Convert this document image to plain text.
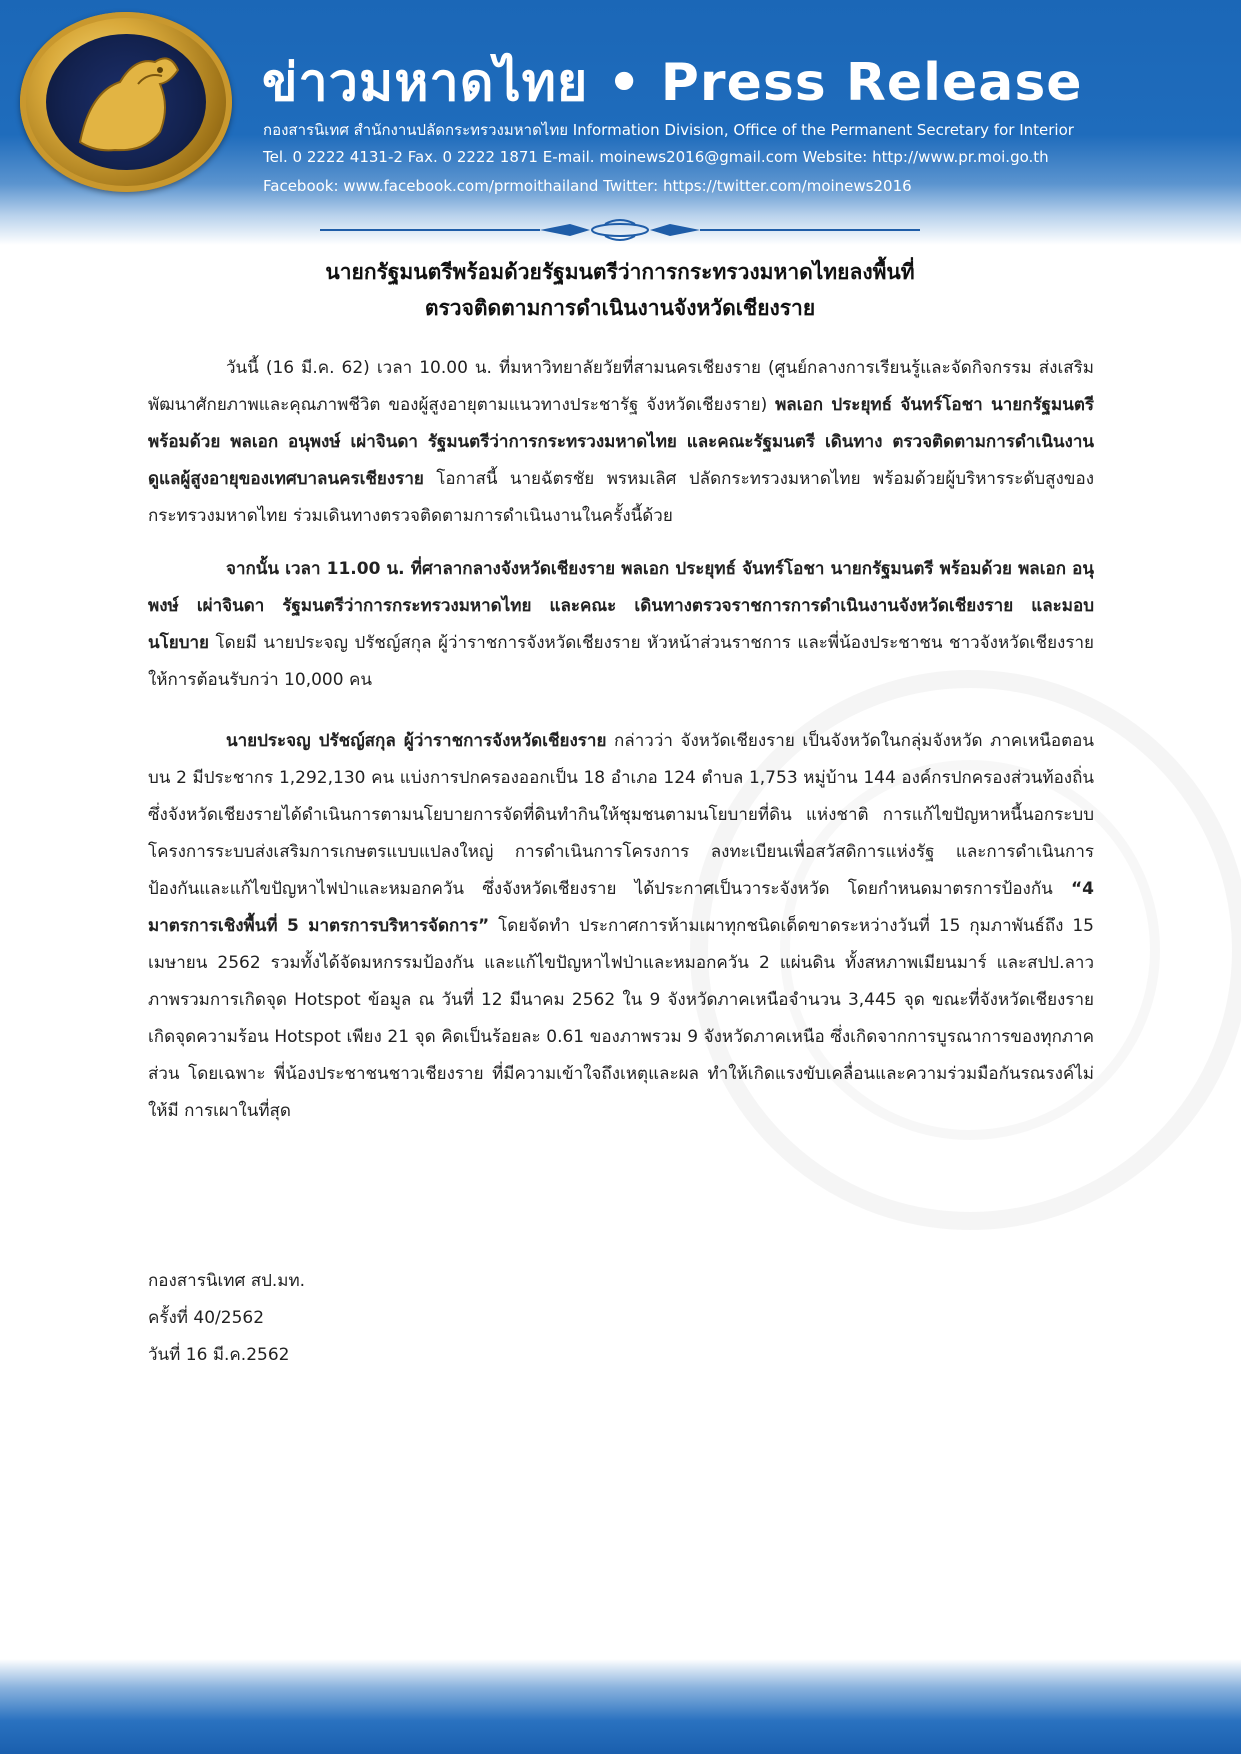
ข่าวมหาดไทย • Press Release
กองสารนิเทศ สำนักงานปลัดกระทรวงมหาดไทย Information Division, Office of the Permanent Secretary for Interior
Tel. 0 2222 4131-2 Fax. 0 2222 1871 E-mail. moinews2016@gmail.com Website: http://www.pr.moi.go.th
Facebook: www.facebook.com/prmoithailand Twitter: https://twitter.com/moinews2016
นายกรัฐมนตรีพร้อมด้วยรัฐมนตรีว่าการกระทรวงมหาดไทยลงพื้นที่
ตรวจติดตามการดำเนินงานจังหวัดเชียงราย
วันนี้ (16 มี.ค. 62) เวลา 10.00 น. ที่มหาวิทยาลัยวัยที่สามนครเชียงราย (ศูนย์กลางการเรียนรู้และจัดกิจกรรม ส่งเสริมพัฒนาศักยภาพและคุณภาพชีวิต ของผู้สูงอายุตามแนวทางประชารัฐ จังหวัดเชียงราย) พลเอก ประยุทธ์ จันทร์โอชา นายกรัฐมนตรี พร้อมด้วย พลเอก อนุพงษ์ เผ่าจินดา รัฐมนตรีว่าการกระทรวงมหาดไทย และคณะรัฐมนตรี เดินทาง ตรวจติดตามการดำเนินงานดูแลผู้สูงอายุของเทศบาลนครเชียงราย โอกาสนี้ นายฉัตรชัย พรหมเลิศ ปลัดกระทรวงมหาดไทย พร้อมด้วยผู้บริหารระดับสูงของกระทรวงมหาดไทย ร่วมเดินทางตรวจติดตามการดำเนินงานในครั้งนี้ด้วย
จากนั้น เวลา 11.00 น. ที่ศาลากลางจังหวัดเชียงราย พลเอก ประยุทธ์ จันทร์โอชา นายกรัฐมนตรี พร้อมด้วย พลเอก อนุพงษ์ เผ่าจินดา รัฐมนตรีว่าการกระทรวงมหาดไทย และคณะ เดินทางตรวจราชการการดำเนินงานจังหวัดเชียงราย และมอบนโยบาย โดยมี นายประจญ ปรัชญ์สกุล ผู้ว่าราชการจังหวัดเชียงราย หัวหน้าส่วนราชการ และพี่น้องประชาชน ชาวจังหวัดเชียงราย ให้การต้อนรับกว่า 10,000 คน
นายประจญ ปรัชญ์สกุล ผู้ว่าราชการจังหวัดเชียงราย กล่าวว่า จังหวัดเชียงราย เป็นจังหวัดในกลุ่มจังหวัด ภาคเหนือตอนบน 2 มีประชากร 1,292,130 คน แบ่งการปกครองออกเป็น 18 อำเภอ 124 ตำบล 1,753 หมู่บ้าน 144 องค์กรปกครองส่วนท้องถิ่น ซึ่งจังหวัดเชียงรายได้ดำเนินการตามนโยบายการจัดที่ดินทำกินให้ชุมชนตามนโยบายที่ดิน แห่งชาติ การแก้ไขปัญหาหนี้นอกระบบ โครงการระบบส่งเสริมการเกษตรแบบแปลงใหญ่ การดำเนินการโครงการ ลงทะเบียนเพื่อสวัสดิการแห่งรัฐ และการดำเนินการป้องกันและแก้ไขปัญหาไฟป่าและหมอกควัน ซึ่งจังหวัดเชียงราย ได้ประกาศเป็นวาระจังหวัด โดยกำหนดมาตรการป้องกัน “4 มาตรการเชิงพื้นที่ 5 มาตรการบริหารจัดการ” โดยจัดทำ ประกาศการห้ามเผาทุกชนิดเด็ดขาดระหว่างวันที่ 15 กุมภาพันธ์ถึง 15 เมษายน 2562 รวมทั้งได้จัดมหกรรมป้องกัน และแก้ไขปัญหาไฟป่าและหมอกควัน 2 แผ่นดิน ทั้งสหภาพเมียนมาร์ และสปป.ลาว ภาพรวมการเกิดจุด Hotspot ข้อมูล ณ วันที่ 12 มีนาคม 2562 ใน 9 จังหวัดภาคเหนือจำนวน 3,445 จุด ขณะที่จังหวัดเชียงรายเกิดจุดความร้อน Hotspot เพียง 21 จุด คิดเป็นร้อยละ 0.61 ของภาพรวม 9 จังหวัดภาคเหนือ ซึ่งเกิดจากการบูรณาการของทุกภาคส่วน โดยเฉพาะ พี่น้องประชาชนชาวเชียงราย ที่มีความเข้าใจถึงเหตุและผล ทำให้เกิดแรงขับเคลื่อนและความร่วมมือกันรณรงค์ไม่ให้มี การเผาในที่สุด
กองสารนิเทศ สป.มท.
ครั้งที่ 40/2562
วันที่ 16 มี.ค.2562
